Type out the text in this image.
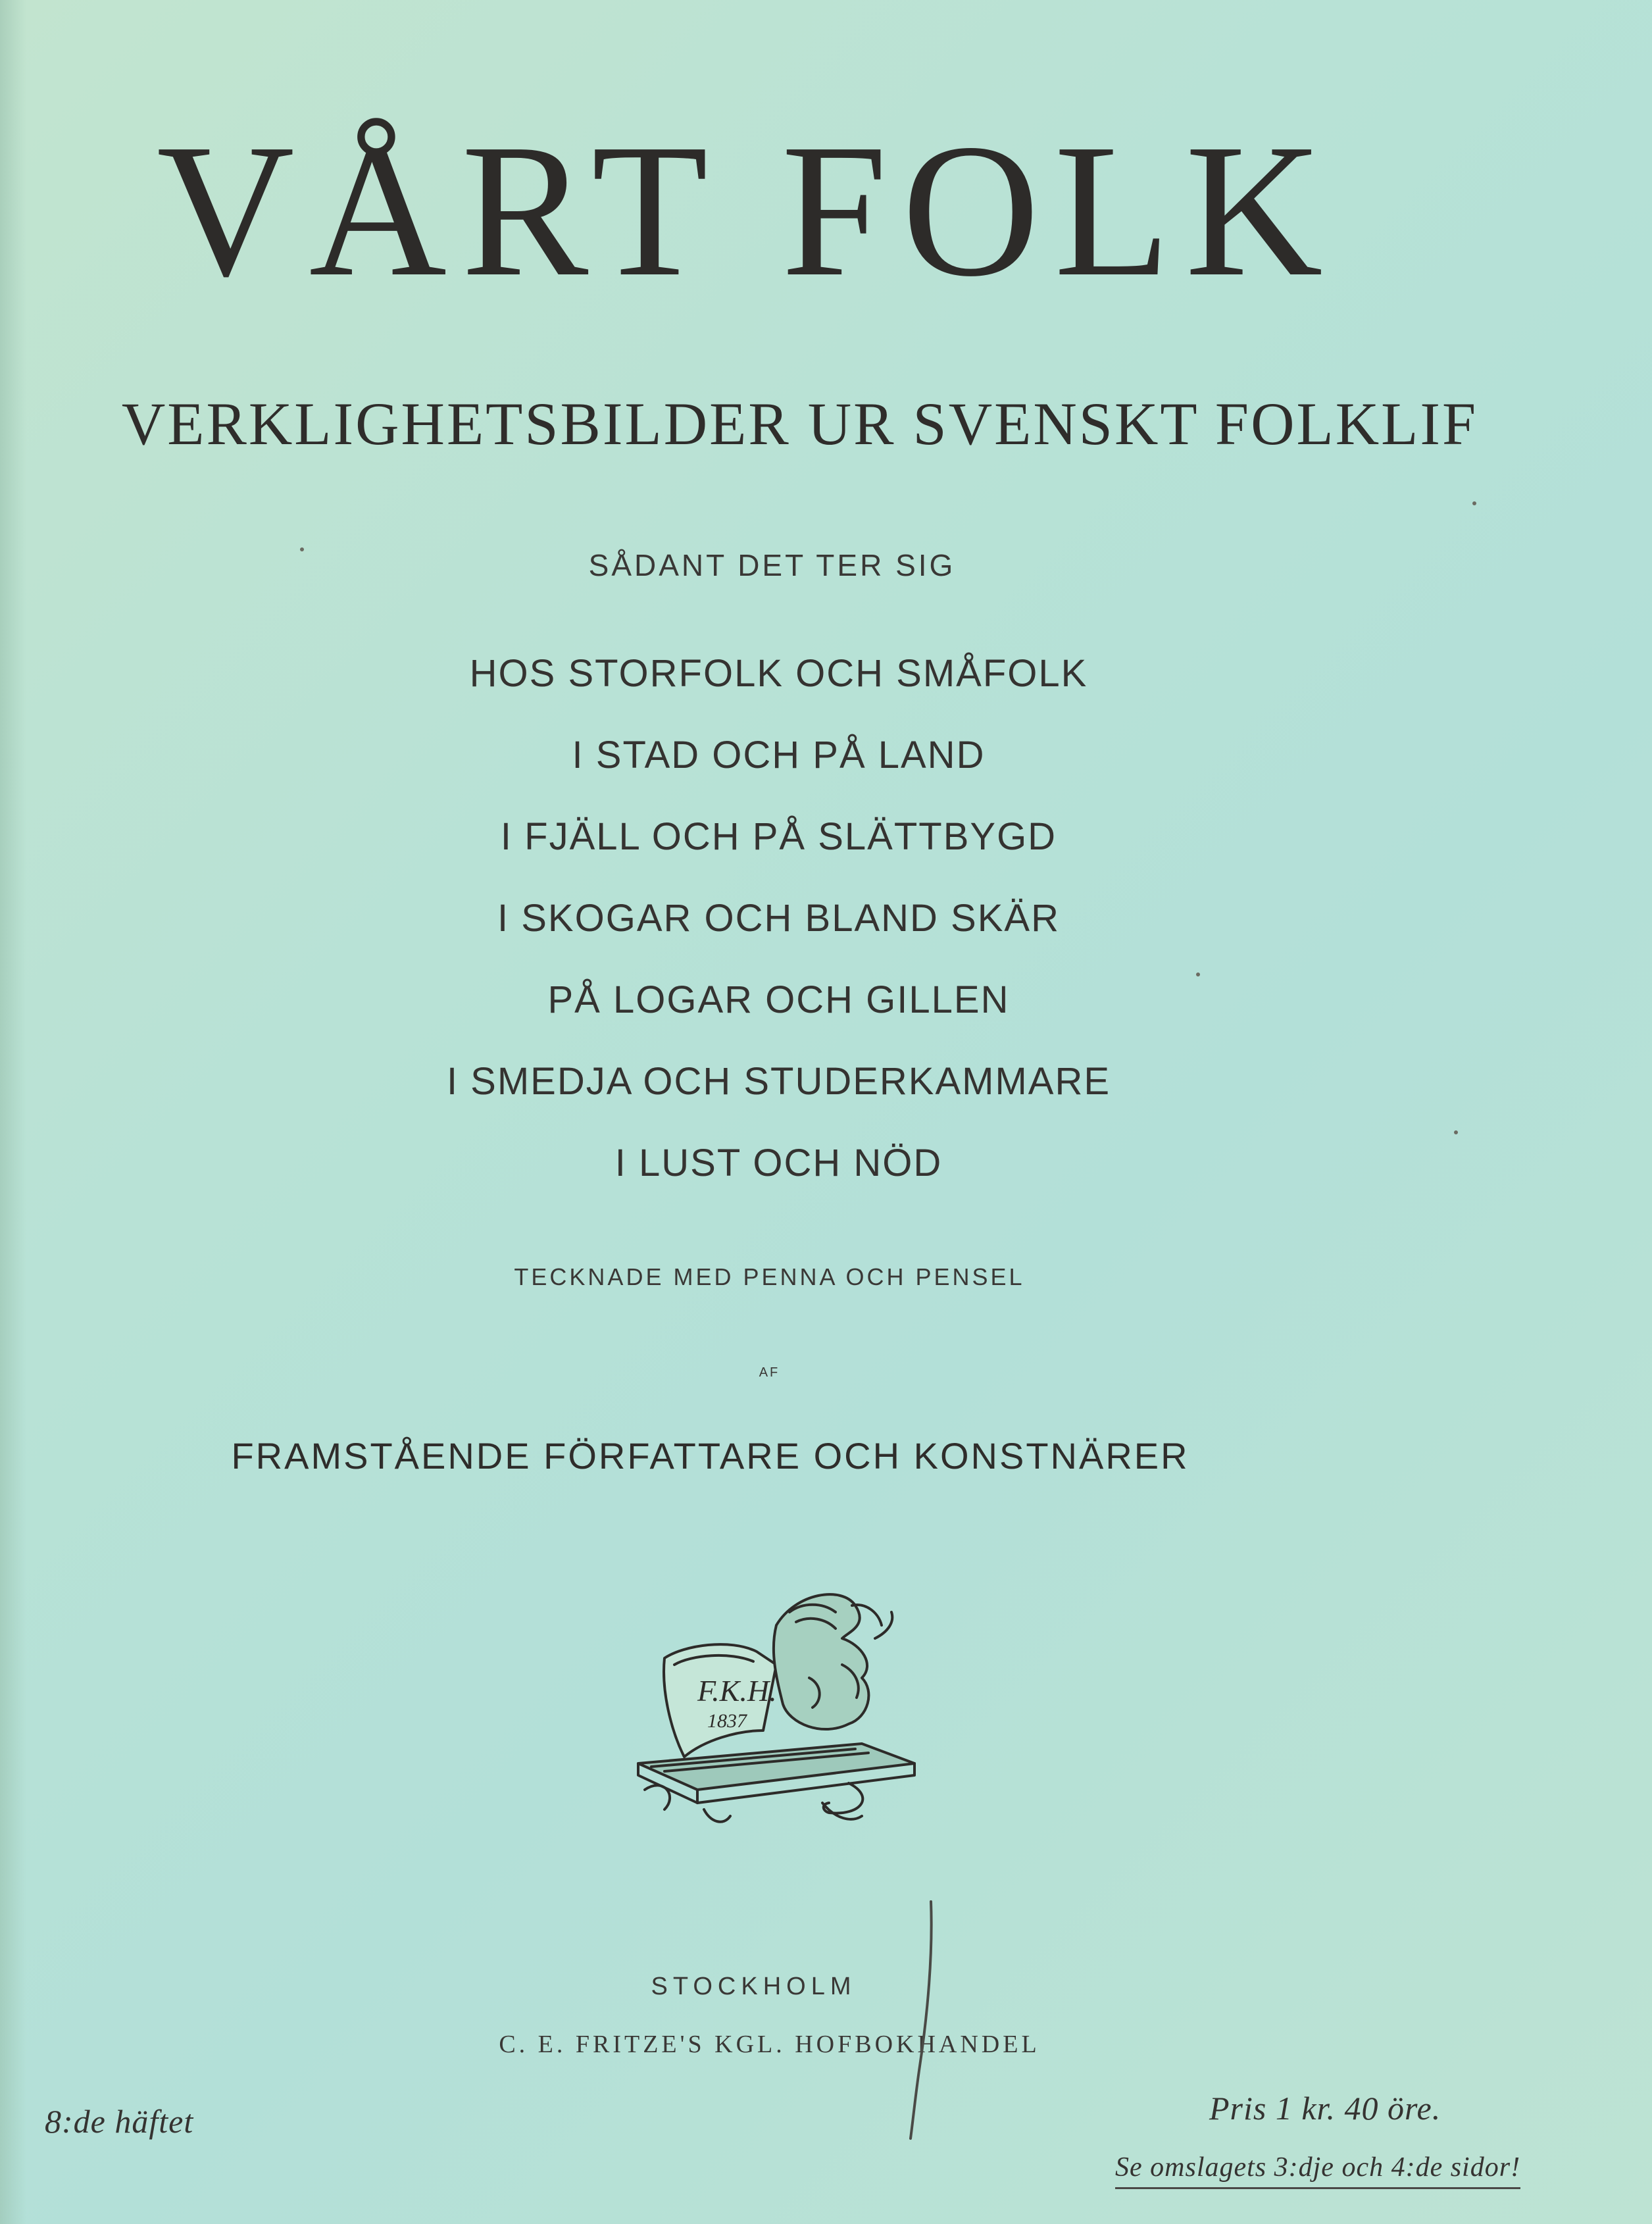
VÅRT FOLK
VERKLIGHETSBILDER UR SVENSKT FOLKLIF
SÅDANT DET TER SIG
HOS STORFOLK OCH SMÅFOLK
I STAD OCH PÅ LAND
I FJÄLL OCH PÅ SLÄTTBYGD
I SKOGAR OCH BLAND SKÄR
PÅ LOGAR OCH GILLEN
I SMEDJA OCH STUDERKAMMARE
I LUST OCH NÖD
TECKNADE MED PENNA OCH PENSEL
AF
FRAMSTÅENDE FÖRFATTARE OCH KONSTNÄRER
F.K.H.
1837
STOCKHOLM
C. E. FRITZE'S KGL. HOFBOKHANDEL
8:de häftet	Pris 1 kr. 40 öre.
Se omslagets 3:dje och 4:de sidor!
